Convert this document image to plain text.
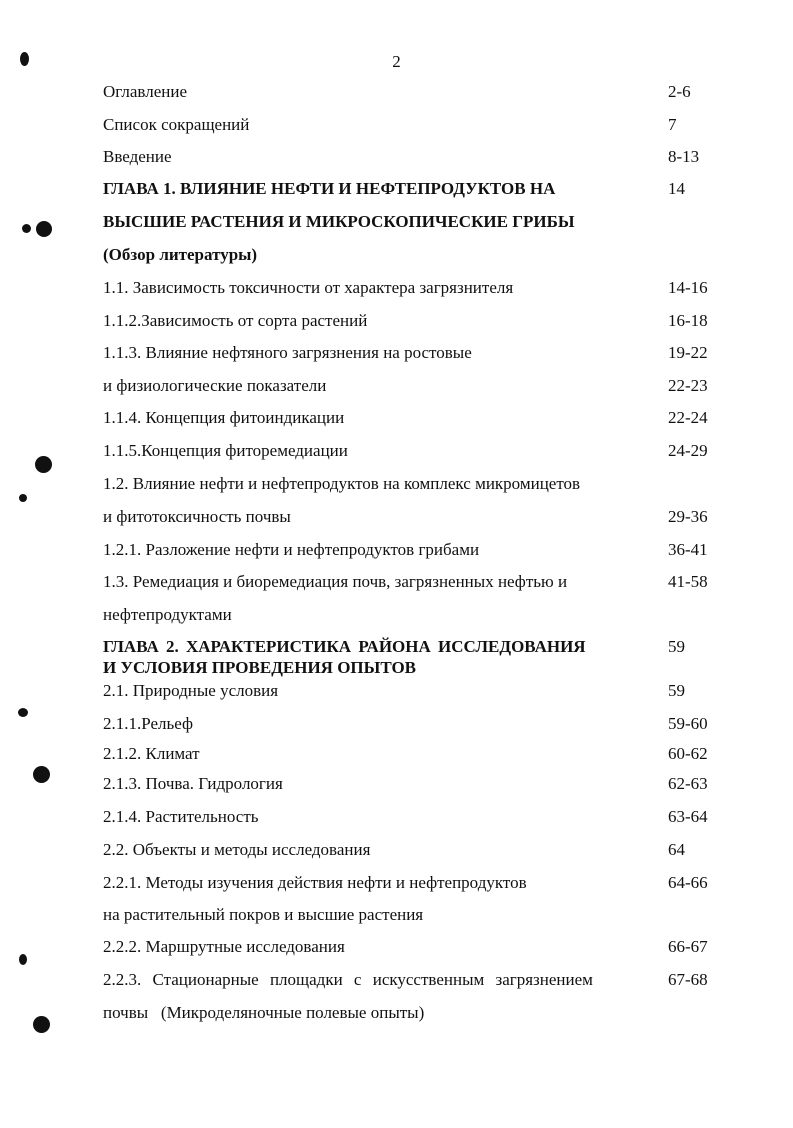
2
Оглавление	2-6
Список сокращений	7
Введение	8-13
ГЛАВА 1. ВЛИЯНИЕ НЕФТИ И НЕФТЕПРОДУКТОВ НА	14
ВЫСШИЕ РАСТЕНИЯ И МИКРОСКОПИЧЕСКИЕ ГРИБЫ
(Обзор литературы)
1.1. Зависимость токсичности от характера загрязнителя	14-16
1.1.2.Зависимость от сорта растений	16-18
1.1.3. Влияние нефтяного загрязнения на ростовые	19-22
и физиологические показатели	22-23
1.1.4. Концепция фитоиндикации	22-24
1.1.5.Концепция фиторемедиации	24-29
1.2. Влияние нефти и нефтепродуктов на комплекс микромицетов
и фитотоксичность почвы	29-36
1.2.1. Разложение нефти и нефтепродуктов грибами	36-41
1.3. Ремедиация и биоремедиация почв, загрязненных нефтью и	41-58
нефтепродуктами
ГЛАВА 2. ХАРАКТЕРИСТИКА РАЙОНА ИССЛЕДОВАНИЯ	59
И УСЛОВИЯ ПРОВЕДЕНИЯ ОПЫТОВ
2.1. Природные условия	59
2.1.1.Рельеф	59-60
2.1.2. Климат	60-62
2.1.3. Почва. Гидрология	62-63
2.1.4. Растительность	63-64
2.2. Объекты и методы исследования	64
2.2.1. Методы изучения действия нефти и нефтепродуктов	64-66
на растительный покров и высшие растения
2.2.2. Маршрутные исследования	66-67
2.2.3. Стационарные площадки с искусственным загрязнением	67-68
почвы   (Микроделяночные полевые опыты)
